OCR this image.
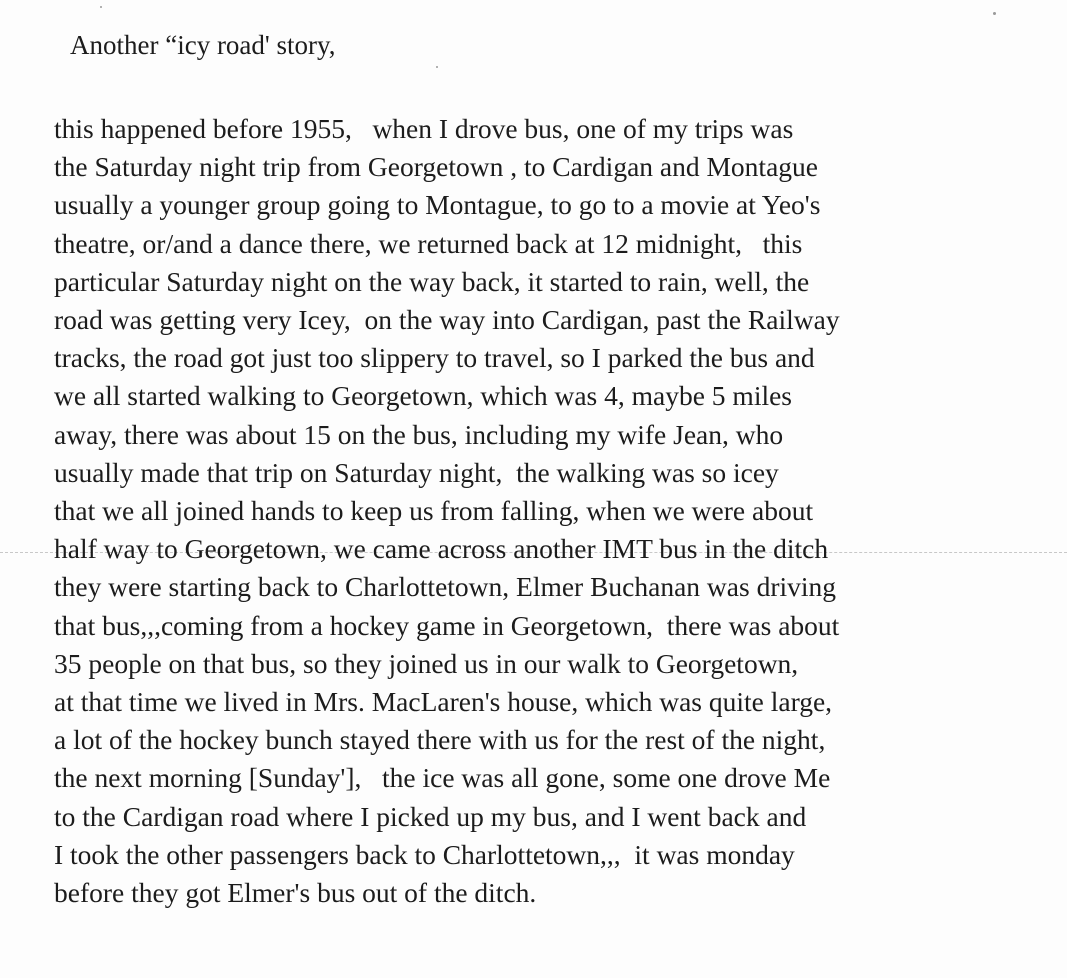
Another “icy road' story,
this happened before 1955,   when I drove bus, one of my trips was
the Saturday night trip from Georgetown , to Cardigan and Montague
usually a younger group going to Montague, to go to a movie at Yeo's
theatre, or/and a dance there, we returned back at 12 midnight,   this
particular Saturday night on the way back, it started to rain, well, the
road was getting very Icey,  on the way into Cardigan, past the Railway
tracks, the road got just too slippery to travel, so I parked the bus and
we all started walking to Georgetown, which was 4, maybe 5 miles
away, there was about 15 on the bus, including my wife Jean, who
usually made that trip on Saturday night,  the walking was so icey
that we all joined hands to keep us from falling, when we were about
half way to Georgetown, we came across another IMT bus in the ditch
they were starting back to Charlottetown, Elmer Buchanan was driving
that bus,,,coming from a hockey game in Georgetown,  there was about
35 people on that bus, so they joined us in our walk to Georgetown,
at that time we lived in Mrs. MacLaren's house, which was quite large,
a lot of the hockey bunch stayed there with us for the rest of the night,
the next morning [Sunday'],   the ice was all gone, some one drove Me
to the Cardigan road where I picked up my bus, and I went back and
I took the other passengers back to Charlottetown,,,  it was monday
before they got Elmer's bus out of the ditch.
